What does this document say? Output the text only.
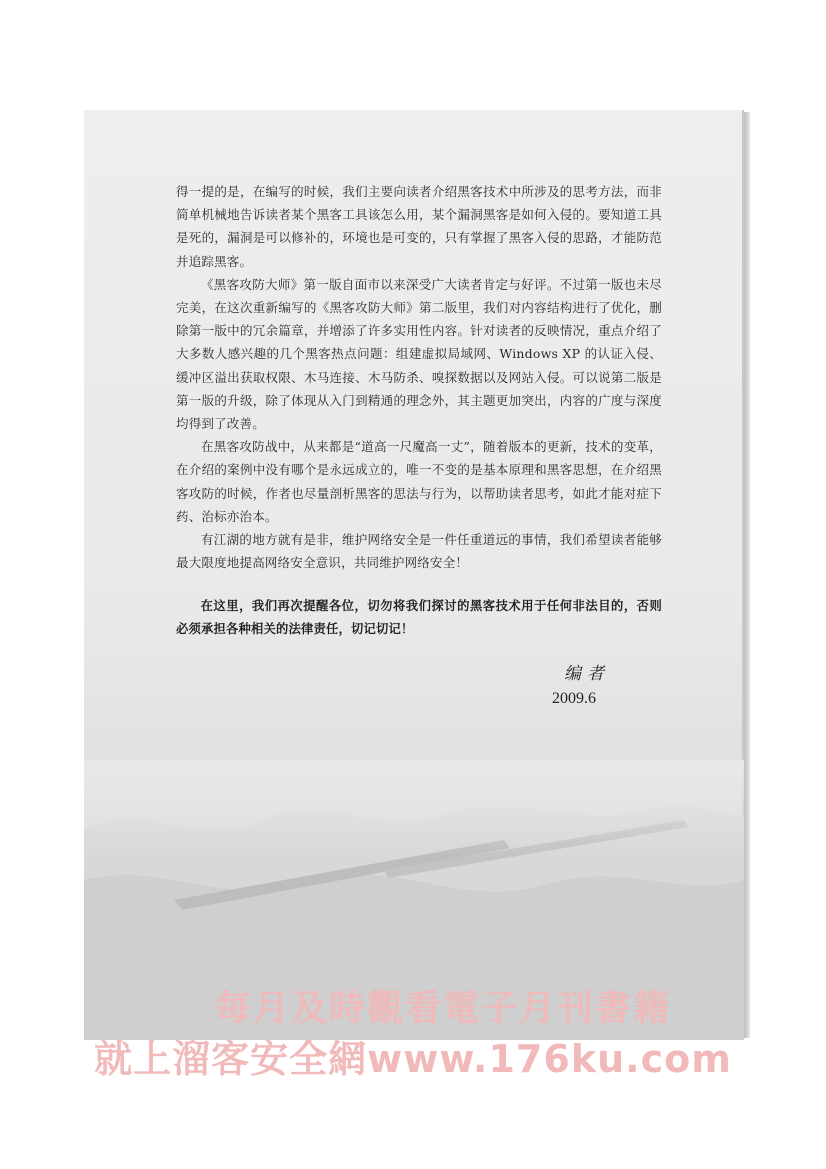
得一提的是，在编写的时候，我们主要向读者介绍黑客技术中所涉及的思考方法，而非简单机械地告诉读者某个黑客工具该怎么用，某个漏洞黑客是如何入侵的。要知道工具是死的，漏洞是可以修补的，环境也是可变的，只有掌握了黑客入侵的思路，才能防范并追踪黑客。

《黑客攻防大师》第一版自面市以来深受广大读者肯定与好评。不过第一版也未尽完美，在这次重新编写的《黑客攻防大师》第二版里，我们对内容结构进行了优化，删除第一版中的冗余篇章，并增添了许多实用性内容。针对读者的反映情况，重点介绍了大多数人感兴趣的几个黑客热点问题：组建虚拟局域网、Windows XP 的认证入侵、缓冲区溢出获取权限、木马连接、木马防杀、嗅探数据以及网站入侵。可以说第二版是第一版的升级，除了体现从入门到精通的理念外，其主题更加突出，内容的广度与深度均得到了改善。

在黑客攻防战中，从来都是“道高一尺魔高一丈”，随着版本的更新，技术的变革，在介绍的案例中没有哪个是永远成立的，唯一不变的是基本原理和黑客思想，在介绍黑客攻防的时候，作者也尽量剖析黑客的思法与行为，以帮助读者思考，如此才能对症下药、治标亦治本。

有江湖的地方就有是非，维护网络安全是一件任重道远的事情，我们希望读者能够最大限度地提高网络安全意识，共同维护网络安全！

在这里，我们再次提醒各位，切勿将我们探讨的黑客技术用于任何非法目的，否则必须承担各种相关的法律责任，切记切记！

编者
2009.6
每月及時觀看電子月刊書籍
就上溜客安全網www.176ku.com
